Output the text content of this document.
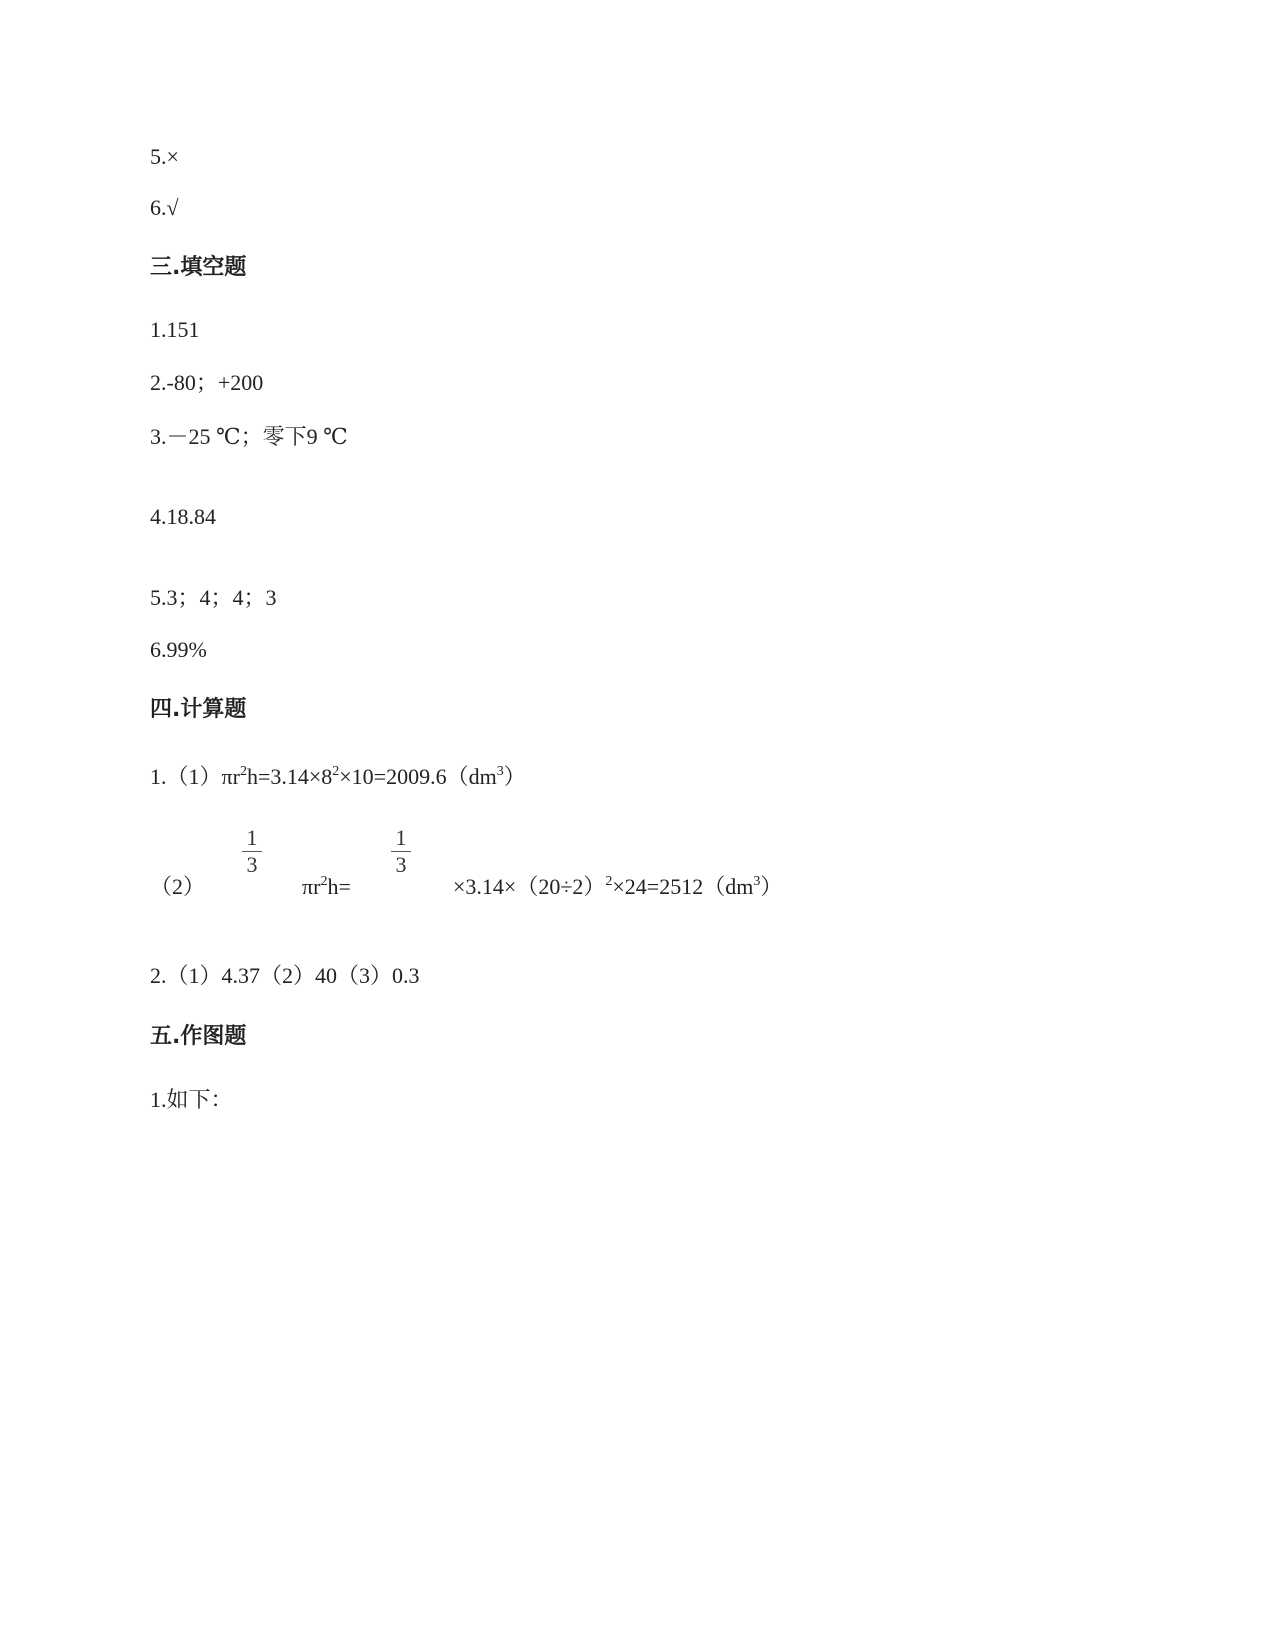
5.×
6.√
三.填空题
1.151
2.-80；+200
3.－25 ℃；零下9 ℃
4.18.84
5.3；4；4；3
6.99%
四.计算题
$1.(1)\pi r^2h=3.14\times 8^2\times 10=2009.6(dm^3)$
（2）
1
3
$\pi r^2h=$
1
3
$\times 3.14\times(20\div 2)^2\times 24=2512(dm^3)$
2.（1）4.37（2）40（3）0.3
五.作图题
1.如下：
